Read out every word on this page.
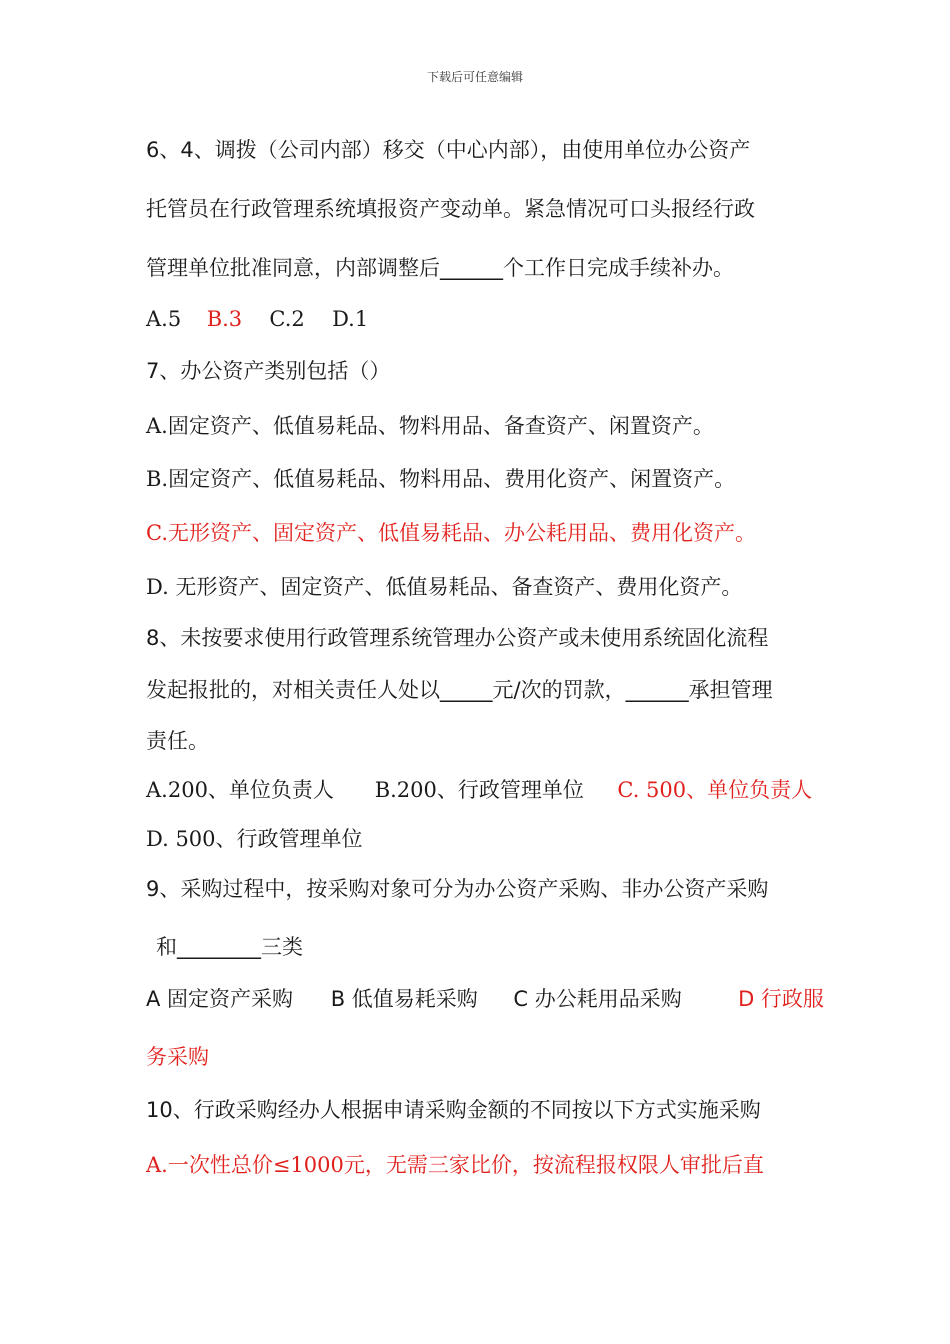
下载后可任意编辑
6、4、调拨（公司内部）移交（中心内部），由使用单位办公资产
托管员在行政管理系统填报资产变动单。紧急情况可口头报经行政
管理单位批准同意，内部调整后______个工作日完成手续补办。
A.5 B.3 C.2 D.1
7、办公资产类别包括（）
A.固定资产、低值易耗品、物料用品、备查资产、闲置资产。
B.固定资产、低值易耗品、物料用品、费用化资产、闲置资产。
C.无形资产、固定资产、低值易耗品、办公耗用品、费用化资产。
D. 无形资产、固定资产、低值易耗品、备查资产、费用化资产。
8、未按要求使用行政管理系统管理办公资产或未使用系统固化流程
发起报批的，对相关责任人处以_____元/次的罚款，______承担管理
责任。
A.200、单位负责人 B.200、行政管理单位 C. 500、单位负责人
D. 500、行政管理单位
9、采购过程中，按采购对象可分为办公资产采购、非办公资产采购
和________三类
A 固定资产采购 B 低值易耗采购 C 办公耗用品采购	D 行政服
务采购
10、行政采购经办人根据申请采购金额的不同按以下方式实施采购
A.一次性总价≤1000元，无需三家比价，按流程报权限人审批后直
